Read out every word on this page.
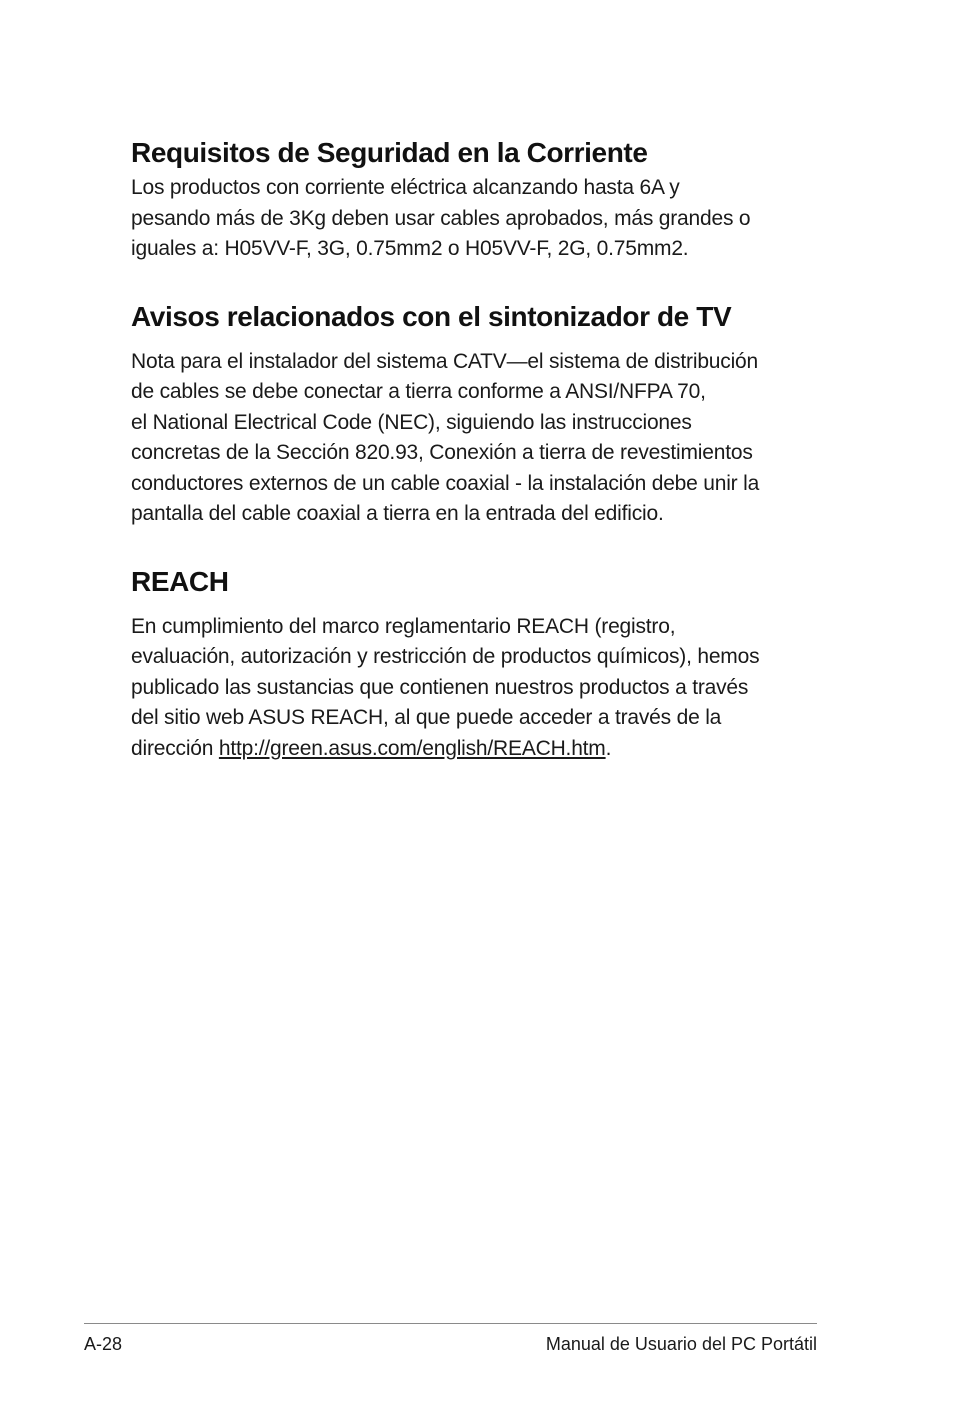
Requisitos de Seguridad en la Corriente

Los productos con corriente eléctrica alcanzando hasta 6A y
pesando más de 3Kg deben usar cables aprobados, más grandes o
iguales a: H05VV-F, 3G, 0.75mm2 o H05VV-F, 2G, 0.75mm2.

Avisos relacionados con el sintonizador de TV

Nota para el instalador del sistema CATV—el sistema de distribución
de cables se debe conectar a tierra conforme a ANSI/NFPA 70,
el National Electrical Code (NEC), siguiendo las instrucciones
concretas de la Sección 820.93, Conexión a tierra de revestimientos
conductores externos de un cable coaxial - la instalación debe unir la
pantalla del cable coaxial a tierra en la entrada del edificio.

REACH

En cumplimiento del marco reglamentario REACH (registro,
evaluación, autorización y restricción de productos químicos), hemos
publicado las sustancias que contienen nuestros productos a través
del sitio web ASUS REACH, al que puede acceder a través de la
dirección http://green.asus.com/english/REACH.htm.

A-28	Manual de Usuario del PC Portátil
